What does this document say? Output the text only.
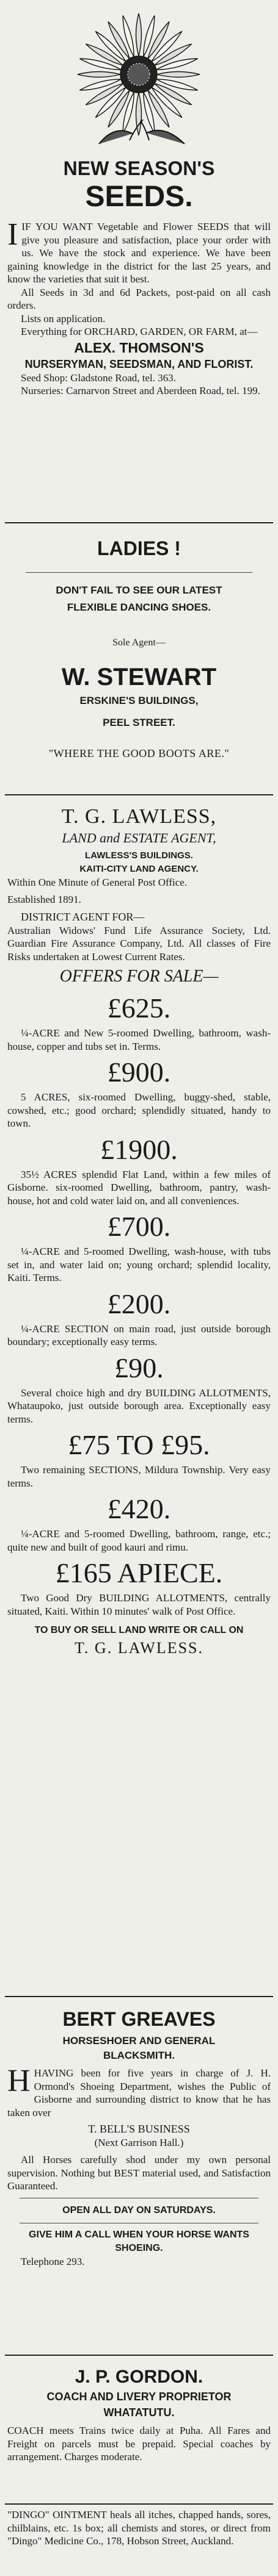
NEW SEASON'S
SEEDS.

IIF YOU WANT Vegetable and Flower SEEDS that will give you pleasure and satisfaction, place your order with us. We have the stock and experience. We have been gaining knowledge in the district for the last 25 years, and know the varieties that suit it best.

All Seeds in 3d and 6d Packets, post-paid on all cash orders.

Lists on application.

Everything for ORCHARD, GARDEN, OR FARM, at—

ALEX. THOMSON'S
NURSERYMAN, SEEDSMAN, AND FLORIST.

Seed Shop: Gladstone Road, tel. 363.

Nurseries: Carnarvon Street and Aberdeen Road, tel. 199.

LADIES !
DON'T FAIL TO SEE OUR LATEST
FLEXIBLE DANCING SHOES.
Sole Agent—
W. STEWART
ERSKINE'S BUILDINGS,
PEEL STREET.
"WHERE THE GOOD BOOTS ARE."
T. G. LAWLESS,
LAND and ESTATE AGENT,
LAWLESS'S BUILDINGS.
KAITI-CITY LAND AGENCY.

Within One Minute of General Post Office.

Established 1891.

DISTRICT AGENT FOR—

Australian Widows' Fund Life Assurance Society, Ltd. Guardian Fire Assurance Company, Ltd. All classes of Fire Risks undertaken at Lowest Current Rates.

OFFERS FOR SALE—
£625.

¼-ACRE and New 5-roomed Dwelling, bathroom, wash-house, copper and tubs set in. Terms.

£900.

5 ACRES, six-roomed Dwelling, buggy-shed, stable, cowshed, etc.; good orchard; splendidly situated, handy to town.

£1900.

35½ ACRES splendid Flat Land, within a few miles of Gisborne. six-roomed Dwelling, bathroom, pantry, wash-house, hot and cold water laid on, and all conveniences.

£700.

¼-ACRE and 5-roomed Dwelling, wash-house, with tubs set in, and water laid on; young orchard; splendid locality, Kaiti. Terms.

£200.

¼-ACRE SECTION on main road, just outside borough boundary; exceptionally easy terms.

£90.

Several choice high and dry BUILDING ALLOTMENTS, Whataupoko, just outside borough area. Exceptionally easy terms.

£75 TO £95.

Two remaining SECTIONS, Mildura Township. Very easy terms.

£420.

¼-ACRE and 5-roomed Dwelling, bathroom, range, etc.; quite new and built of good kauri and rimu.

£165 APIECE.

Two Good Dry BUILDING ALLOTMENTS, centrally situated, Kaiti. Within 10 minutes' walk of Post Office.

TO BUY OR SELL LAND WRITE OR CALL ON
T. G. LAWLESS.
BERT GREAVES
HORSESHOER AND GENERAL
BLACKSMITH.

HHAVING been for five years in charge of J. H. Ormond's Shoeing Department, wishes the Public of Gisborne and surrounding district to know that he has taken over

T. BELL'S BUSINESS
(Next Garrison Hall.)

All Horses carefully shod under my own personal supervision. Nothing but BEST material used, and Satisfaction Guaranteed.

OPEN ALL DAY ON SATURDAYS.
GIVE HIM A CALL WHEN YOUR HORSE WANTS SHOEING.

Telephone 293.

J. P. GORDON.
COACH AND LIVERY PROPRIETOR
WHATATUTU.

COACH meets Trains twice daily at Puha. All Fares and Freight on parcels must be prepaid. Special coaches by arrangement. Charges moderate.

"DINGO" OINTMENT heals all itches, chapped hands, sores, chilblains, etc. 1s box; all chemists and stores, or direct from "Dingo" Medicine Co., 178, Hobson Street, Auckland.
